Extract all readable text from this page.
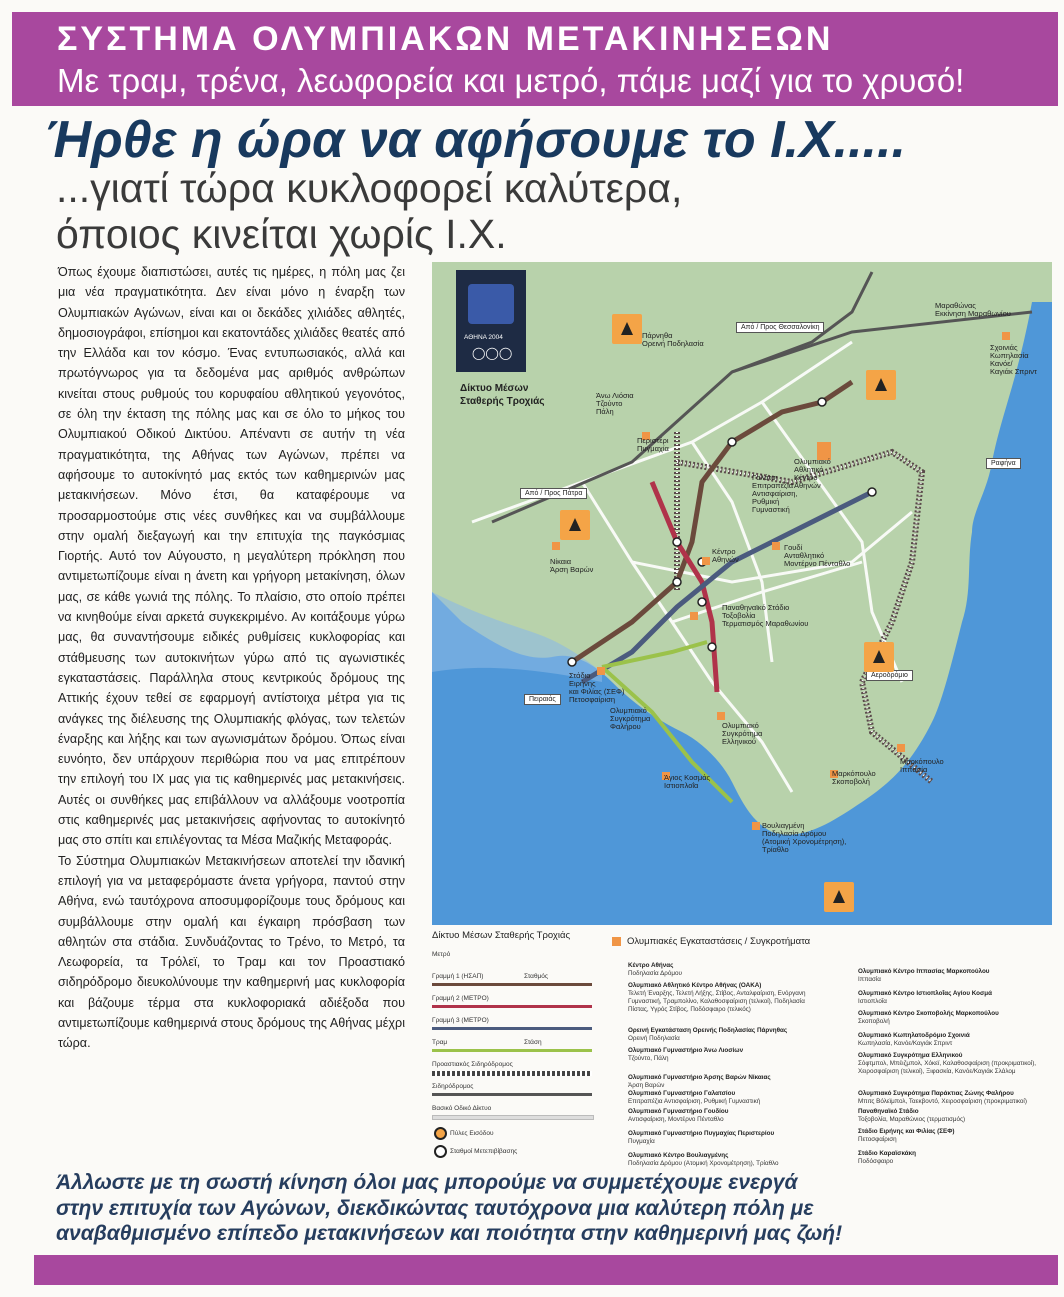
ΣΥΣΤΗΜΑ ΟΛΥΜΠΙΑΚΩΝ ΜΕΤΑΚΙΝΗΣΕΩΝ
Με τραμ, τρένα, λεωφορεία και μετρό, πάμε μαζί για το χρυσό!
Ήρθε η ώρα να αφήσουμε το Ι.Χ.....
...γιατί τώρα κυκλοφορεί καλύτερα,
όποιος κινείται χωρίς Ι.Χ.

Όπως έχουμε διαπιστώσει, αυτές τις ημέρες, η πόλη μας ζει μια νέα πραγματικότητα. Δεν είναι μόνο η έναρξη των Ολυμπιακών Αγώνων, είναι και οι δεκάδες χιλιάδες αθλητές, δημοσιογράφοι, επίσημοι και εκατοντάδες χιλιάδες θεατές από την Ελλάδα και τον κόσμο. Ένας εντυπωσιακός, αλλά και πρωτόγνωρος για τα δεδομένα μας αριθμός ανθρώπων κινείται στους ρυθμούς του κορυφαίου αθλητικού γεγονότος, σε όλη την έκταση της πόλης μας και σε όλο το μήκος του Ολυμπιακού Οδικού Δικτύου. Απέναντι σε αυτήν τη νέα πραγματικότητα, της Αθήνας των Αγώνων, πρέπει να αφήσουμε το αυτοκίνητό μας εκτός των καθημερινών μας μετακινήσεων. Μόνο έτσι, θα καταφέρουμε να προσαρμοστούμε στις νέες συνθήκες και να συμβάλλουμε στην ομαλή διεξαγωγή και την επιτυχία της παγκόσμιας Γιορτής. Αυτό τον Αύγουστο, η μεγαλύτερη πρόκληση που αντιμετωπίζουμε είναι η άνετη και γρήγορη μετακίνηση, όλων μας, σε κάθε γωνιά της πόλης. Το πλαίσιο, στο οποίο πρέπει να κινηθούμε είναι αρκετά συγκεκριμένο. Αν κοιτάξουμε γύρω μας, θα συναντήσουμε ειδικές ρυθμίσεις κυκλοφορίας και στάθμευσης των αυτοκινήτων γύρω από τις αγωνιστικές εγκαταστάσεις. Παράλληλα στους κεντρικούς δρόμους της Αττικής έχουν τεθεί σε εφαρμογή αντίστοιχα μέτρα για τις ανάγκες της διέλευσης της Ολυμπιακής φλόγας, των τελετών έναρξης και λήξης και των αγωνισμάτων δρόμου. Όπως είναι ευνόητο, δεν υπάρχουν περιθώρια που να μας επιτρέπουν την επιλογή του ΙΧ μας για τις καθημερινές μας μετακινήσεις. Αυτές οι συνθήκες μας επιβάλλουν να αλλάξουμε νοοτροπία στις καθημερινές μας μετακινήσεις αφήνοντας το αυτοκίνητό μας στο σπίτι και επιλέγοντας τα Μέσα Μαζικής Μεταφοράς.

Το Σύστημα Ολυμπιακών Μετακινήσεων αποτελεί την ιδανική επιλογή για να μεταφερόμαστε άνετα γρήγορα, παντού στην Αθήνα, ενώ ταυτόχρονα αποσυμφορίζουμε τους δρόμους και συμβάλλουμε στην ομαλή και έγκαιρη πρόσβαση των αθλητών στα στάδια. Συνδυάζοντας το Τρένο, το Μετρό, τα Λεωφορεία, τα Τρόλεϊ, το Τραμ και τον Προαστιακό σιδηρόδρομο διευκολύνουμε την καθημερινή μας κυκλοφορία και βάζουμε τέρμα στα κυκλοφοριακά αδιέξοδα που αντιμετωπίζουμε καθημερινά στους δρόμους της Αθήνας μέχρι τώρα.

ΑΘΗΝΑ 2004
◯◯◯
Δίκτυο Μέσων
Σταθερής Τροχιάς
Από / Προς Θεσσαλονίκη
Από / Προς Πάτρα
Ραφήνα
Πειραιάς
Αεροδρόμιο
Πάρνηθα
Ορεινή Ποδηλασία
Μαραθώνας
Εκκίνηση Μαραθωνίου
Σχοινιάς
Κωπηλασία
Κανόε/
Καγιάκ Σπριντ
Άνω Λιόσια
Τζούντο
Πάλη
Ολυμπιακό
Αθλητικό
Κέντρο
Αθηνών
Περιστέρι
Πυγμαχία
Γαλάτσι
Επιτραπέζια
Αντισφαίριση,
Ρυθμική
Γυμναστική
Νίκαια
Άρση Βαρών
Κέντρο
Αθηνών
Γουδί
Ανταθλητικό
Μοντέρνο Πένταθλο
Παναθηναϊκό Στάδιο
Τοξοβολία
Τερματισμός Μαραθωνίου
Στάδιο
Ειρήνης
και Φιλίας (ΣΕΦ)
Πετοσφαίριση
Ολυμπιακό
Συγκρότημα
Φαλήρου	Ολυμπιακό
Συγκρότημα
Ελληνικού
Άγιος Κοσμάς
Ιστιοπλοΐα
Μαρκόπουλο
Σκοποβολή
Μαρκόπουλο
Ιππασία
Βουλιαγμένη
Ποδηλασία Δρόμου
(Ατομική Χρονομέτρηση),
Τρίαθλο
Δίκτυο Μέσων Σταθερής Τροχιάς
Μετρό
Γραμμή 1 (ΗΣΑΠ)	Σταθμός
Γραμμή 2 (ΜΕΤΡΟ)
Γραμμή 3 (ΜΕΤΡΟ)
Τραμ	Στάση
Προαστιακός Σιδηρόδρομος
Σιδηρόδρομος
Βασικό Οδικό Δίκτυο
Πύλες Εισόδου
Σταθμοί Μετεπιβίβασης
Ολυμπιακές Εγκαταστάσεις / Συγκροτήματα
Κέντρο Αθήνας
Ποδηλασία Δρόμου
Ολυμπιακό Αθλητικό Κέντρο Αθήνας (ΟΑΚΑ)
Τελετή Έναρξης, Τελετή Λήξης, Στίβος, Ανταλφαίριση, Ενόργανη Γυμναστική, Τραμπολίνο, Καλαθοσφαίριση (τελικοί), Ποδηλασία Πίστας, Υγρός Στίβος, Ποδόσφαιρο (τελικός)
Ορεινή Εγκατάσταση Ορεινής Ποδηλασίας Πάρνηθας
Ορεινή Ποδηλασία
Ολυμπιακό Γυμναστήριο Άνω Λιοσίων
Τζούντο, Πάλη
Ολυμπιακό Γυμναστήριο Άρσης Βαρών Νίκαιας
Άρση Βαρών
Ολυμπιακό Γυμναστήριο Γαλατσίου
Επιτραπέζια Αντισφαίριση, Ρυθμική Γυμναστική
Ολυμπιακό Γυμναστήριο Γουδίου
Αντισφαίριση, Μοντέρνο Πένταθλο
Ολυμπιακό Γυμναστήριο Πυγμαχίας Περιστερίου
Πυγμαχία
Ολυμπιακό Κέντρο Βουλιαγμένης
Ποδηλασία Δρόμου (Ατομική Χρονομέτρηση), Τρίαθλο
Ολυμπιακό Κέντρο Ιππασίας Μαρκοπούλου
Ιππασία
Ολυμπιακό Κέντρο Ιστιοπλοΐας Αγίου Κοσμά
Ιστιοπλοΐα
Ολυμπιακό Κέντρο Σκοποβολής Μαρκοπούλου
Σκοποβολή
Ολυμπιακό Κωπηλατοδρόμιο Σχοινιά
Κωπηλασία, Κανόε/Καγιάκ Σπριντ
Ολυμπιακό Συγκρότημα Ελληνικού
Σόφτμπολ, Μπέιζμπολ, Χόκεϊ, Καλαθοσφαίριση (προκριματικοί), Χειροσφαίριση (τελικοί), Ξιφασκία, Κανόε/Καγιάκ Σλάλομ
Ολυμπιακό Συγκρότημα Παράκτιας Ζώνης Φαλήρου
Μπιτς Βόλεϊμπολ, Ταεκβοντό, Χειροσφαίριση (προκριματικοί)
Παναθηναϊκό Στάδιο
Τοξοβολία, Μαραθώνιος (τερματισμός)
Στάδιο Ειρήνης και Φιλίας (ΣΕΦ)
Πετοσφαίριση
Στάδιο Καραϊσκάκη
Ποδόσφαιρο
Άλλωστε με τη σωστή κίνηση όλοι μας μπορούμε να συμμετέχουμε ενεργά
στην επιτυχία των Αγώνων, διεκδικώντας ταυτόχρονα μια καλύτερη πόλη με
αναβαθμισμένο επίπεδο μετακινήσεων και ποιότητα στην καθημερινή μας ζωή!
